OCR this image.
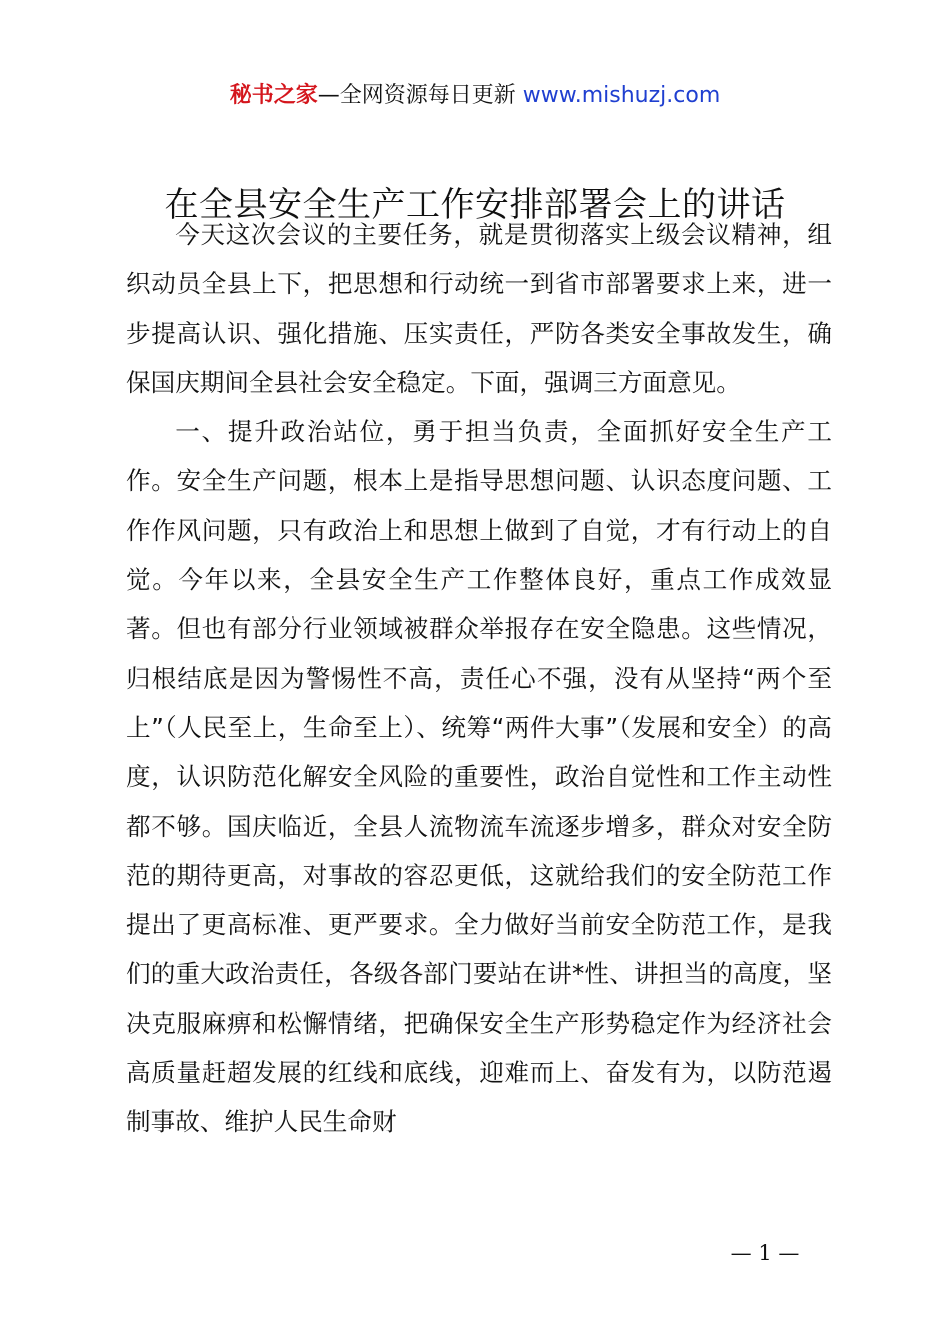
秘书之家—全网资源每日更新 www.mishuzj.com
在全县安全生产工作安排部署会上的讲话

今天这次会议的主要任务，就是贯彻落实上级会议精神，组织动员全县上下，把思想和行动统一到省市部署要求上来，进一步提高认识、强化措施、压实责任，严防各类安全事故发生，确保国庆期间全县社会安全稳定。下面，强调三方面意见。

一、提升政治站位，勇于担当负责，全面抓好安全生产工作。安全生产问题，根本上是指导思想问题、认识态度问题、工作作风问题，只有政治上和思想上做到了自觉，才有行动上的自觉。今年以来，全县安全生产工作整体良好，重点工作成效显著。但也有部分行业领域被群众举报存在安全隐患。这些情况，归根结底是因为警惕性不高，责任心不强，没有从坚持“两个至上”（人民至上，生命至上）、统筹“两件大事”（发展和安全）的高度，认识防范化解安全风险的重要性，政治自觉性和工作主动性都不够。国庆临近，全县人流物流车流逐步增多，群众对安全防范的期待更高，对事故的容忍更低，这就给我们的安全防范工作提出了更高标准、更严要求。全力做好当前安全防范工作，是我们的重大政治责任，各级各部门要站在讲*性、讲担当的高度，坚决克服麻痹和松懈情绪，把确保安全生产形势稳定作为经济社会高质量赶超发展的红线和底线，迎难而上、奋发有为，以防范遏制事故、维护人民生命财

— 1 —
